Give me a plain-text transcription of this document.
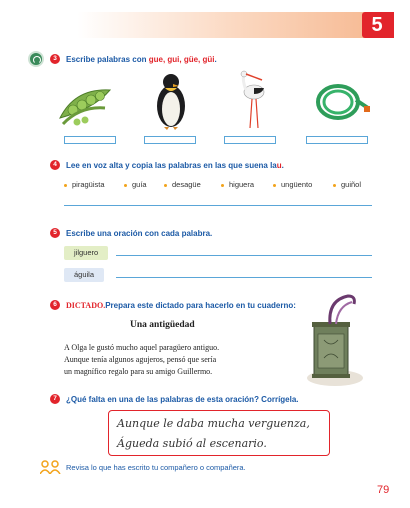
5
3	Escribe palabras con
gue, gui, güe, güi .
4	Lee en voz alta y copia las palabras en las que suena la u .
piragüista	guía	desagüe	higuera	ungüento	guiñol
5	Escribe una oración con cada palabra.
jilguero
águila
6	DICTADO. Prepara este dictado para hacerlo en tu cuaderno:
Una antigüedad
A Olga le gustó mucho aquel paragüero antiguo.
Aunque tenía algunos agujeros, pensó que sería
un magnífico regalo para su amigo Guillermo.
7	¿Qué falta en una de las palabras de esta oración? Corrígela.
Aunque le daba mucha verguenza,
Águeda subió al escenario.
Revisa lo que has escrito tu compañero o compañera.
79
